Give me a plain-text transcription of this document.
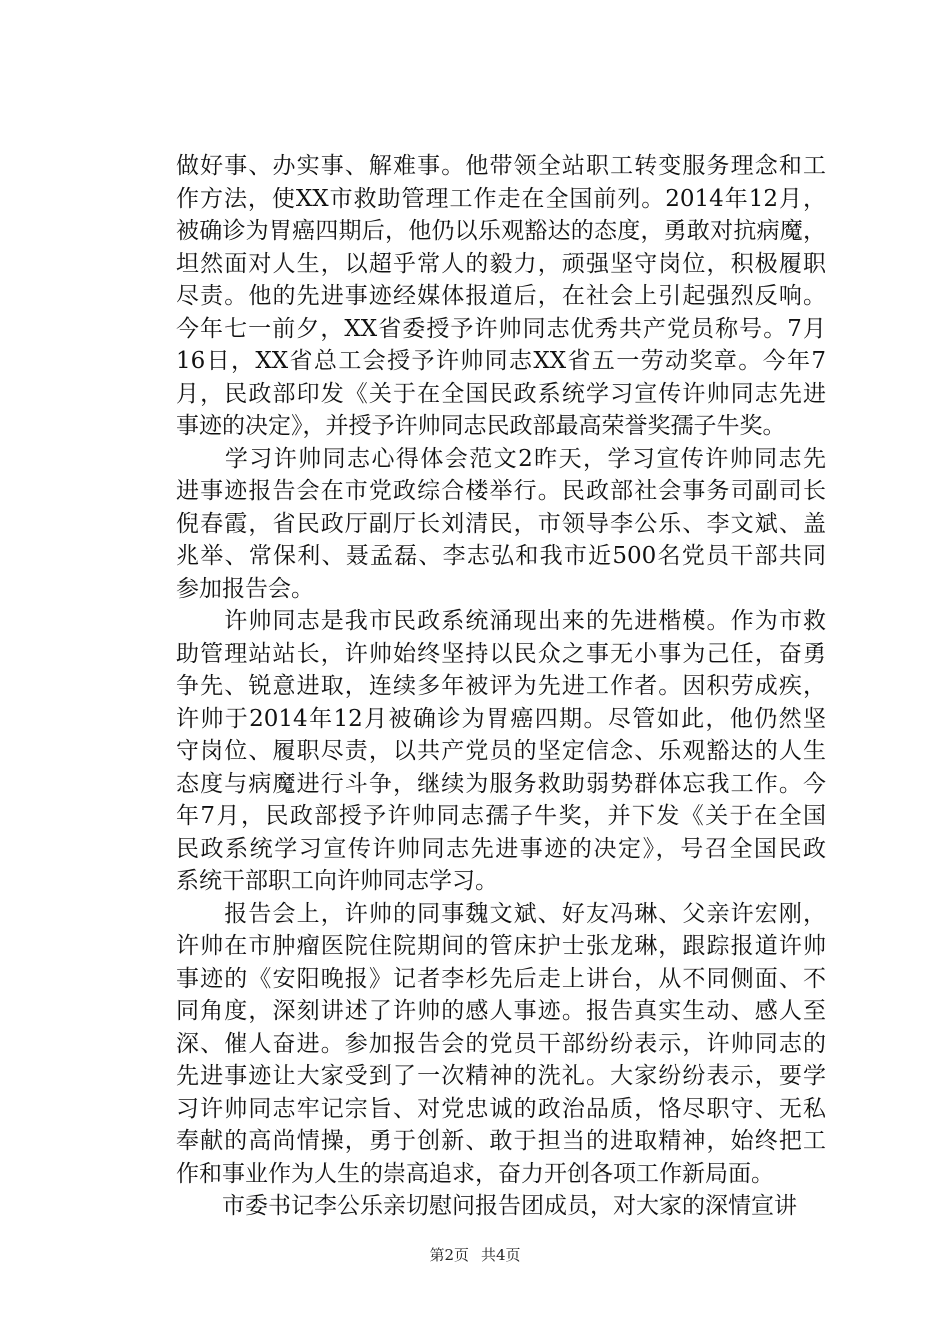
做好事、办实事、解难事。他带领全站职工转变服务理念和工
作方法，使XX市救助管理工作走在全国前列。2014年12月，
被确诊为胃癌四期后，他仍以乐观豁达的态度，勇敢对抗病魔，
坦然面对人生，以超乎常人的毅力，顽强坚守岗位，积极履职
尽责。他的先进事迹经媒体报道后，在社会上引起强烈反响。
今年七一前夕，XX省委授予许帅同志优秀共产党员称号。7月
16日，XX省总工会授予许帅同志XX省五一劳动奖章。今年7
月，民政部印发《关于在全国民政系统学习宣传许帅同志先进
事迹的决定》，并授予许帅同志民政部最高荣誉奖孺子牛奖。
　　学习许帅同志心得体会范文2昨天，学习宣传许帅同志先
进事迹报告会在市党政综合楼举行。民政部社会事务司副司长
倪春霞，省民政厅副厅长刘清民，市领导李公乐、李文斌、盖
兆举、常保利、聂孟磊、李志弘和我市近500名党员干部共同
参加报告会。
　　许帅同志是我市民政系统涌现出来的先进楷模。作为市救
助管理站站长，许帅始终坚持以民众之事无小事为己任，奋勇
争先、锐意进取，连续多年被评为先进工作者。因积劳成疾，
许帅于2014年12月被确诊为胃癌四期。尽管如此，他仍然坚
守岗位、履职尽责，以共产党员的坚定信念、乐观豁达的人生
态度与病魔进行斗争，继续为服务救助弱势群体忘我工作。今
年7月，民政部授予许帅同志孺子牛奖，并下发《关于在全国
民政系统学习宣传许帅同志先进事迹的决定》，号召全国民政
系统干部职工向许帅同志学习。
　　报告会上，许帅的同事魏文斌、好友冯琳、父亲许宏刚，
许帅在市肿瘤医院住院期间的管床护士张龙琳，跟踪报道许帅
事迹的《安阳晚报》记者李杉先后走上讲台，从不同侧面、不
同角度，深刻讲述了许帅的感人事迹。报告真实生动、感人至
深、催人奋进。参加报告会的党员干部纷纷表示，许帅同志的
先进事迹让大家受到了一次精神的洗礼。大家纷纷表示，要学
习许帅同志牢记宗旨、对党忠诚的政治品质，恪尽职守、无私
奉献的高尚情操，勇于创新、敢于担当的进取精神，始终把工
作和事业作为人生的崇高追求，奋力开创各项工作新局面。
　　市委书记李公乐亲切慰问报告团成员，对大家的深情宣讲
第2页 共4页
